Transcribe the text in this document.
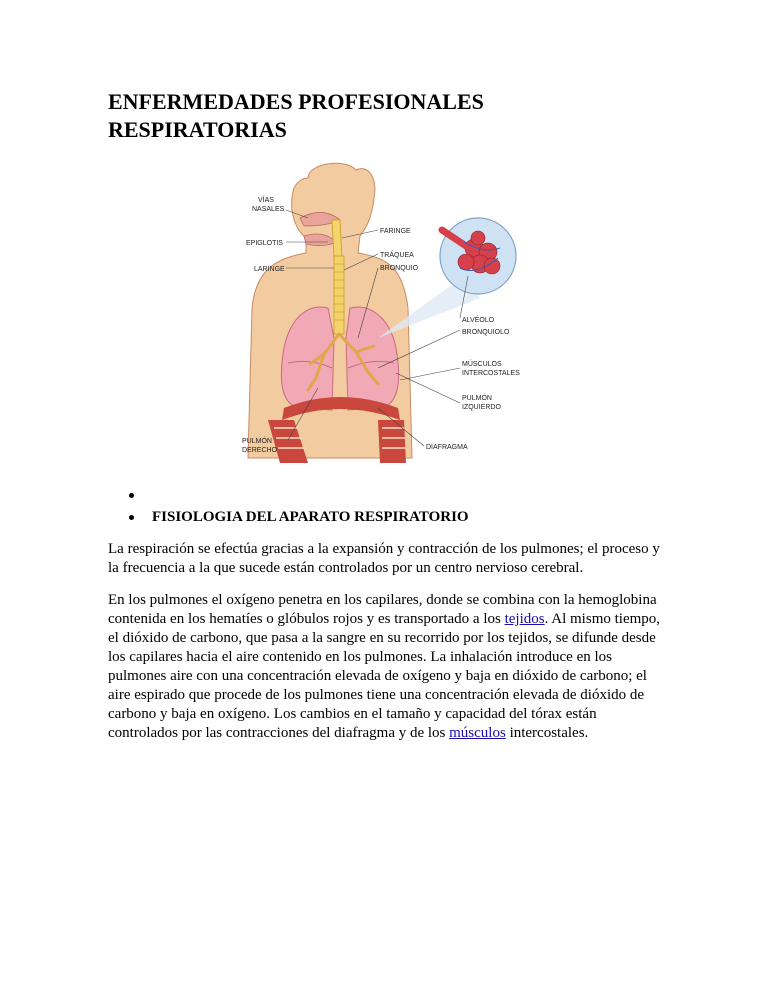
ENFERMEDADES PROFESIONALES
RESPIRATORIAS
VÍAS
NASALES
EPIGLOTIS
LARINGE
FARINGE
TRÁQUEA
BRONQUIO
ALVÉOLO
BRONQUIOLO
MÚSCULOS
INTERCOSTALES
PULMÓN
IZQUIERDO
PULMÓN
DERECHO	DIAFRAGMA
FISIOLOGIA DEL APARATO RESPIRATORIO

La respiración se efectúa gracias a la expansión y contracción de los pulmones; el proceso y la frecuencia a la que sucede están controlados por un centro nervioso cerebral.

En los pulmones el oxígeno penetra en los capilares, donde se combina con la hemoglobina contenida en los hematíes o glóbulos rojos y es transportado a los tejidos. Al mismo tiempo, el dióxido de carbono, que pasa a la sangre en su recorrido por los tejidos, se difunde desde los capilares hacia el aire contenido en los pulmones. La inhalación introduce en los pulmones aire con una concentración elevada de oxígeno y baja en dióxido de carbono; el aire espirado que procede de los pulmones tiene una concentración elevada de dióxido de carbono y baja en oxígeno. Los cambios en el tamaño y capacidad del tórax están controlados por las contracciones del diafragma y de los músculos intercostales.
